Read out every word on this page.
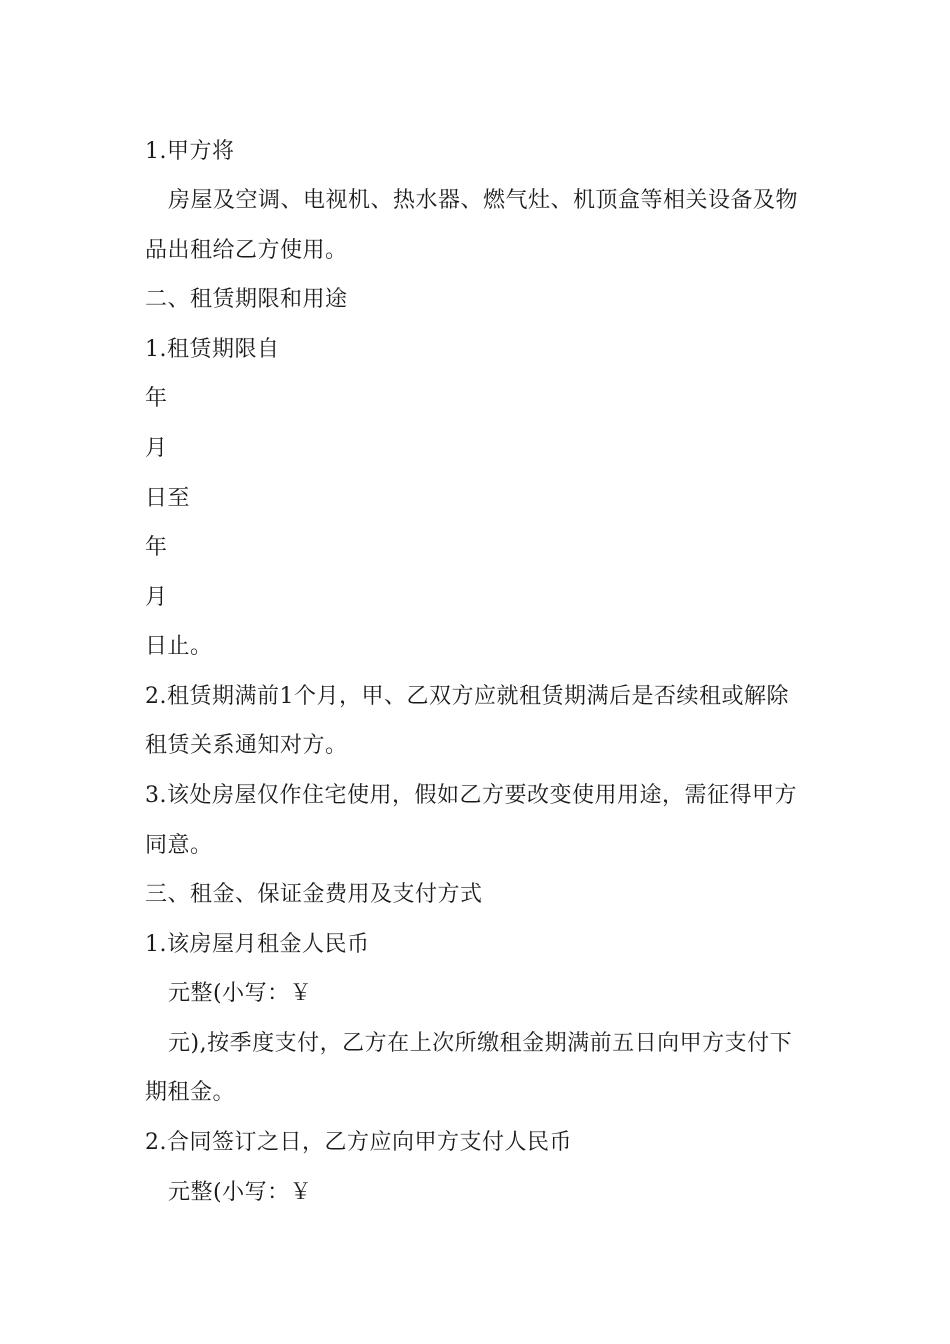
1.甲方将
房屋及空调、电视机、热水器、燃气灶、机顶盒等相关设备及物
品出租给乙方使用。
二、租赁期限和用途
1.租赁期限自
年
月
日至
年
月
日止。
2.租赁期满前1个月，甲、乙双方应就租赁期满后是否续租或解除
租赁关系通知对方。
3.该处房屋仅作住宅使用，假如乙方要改变使用用途，需征得甲方
同意。
三、租金、保证金费用及支付方式
1.该房屋月租金人民币
元整(小写：￥
元),按季度支付，乙方在上次所缴租金期满前五日向甲方支付下
期租金。
2.合同签订之日，乙方应向甲方支付人民币
元整(小写：￥
